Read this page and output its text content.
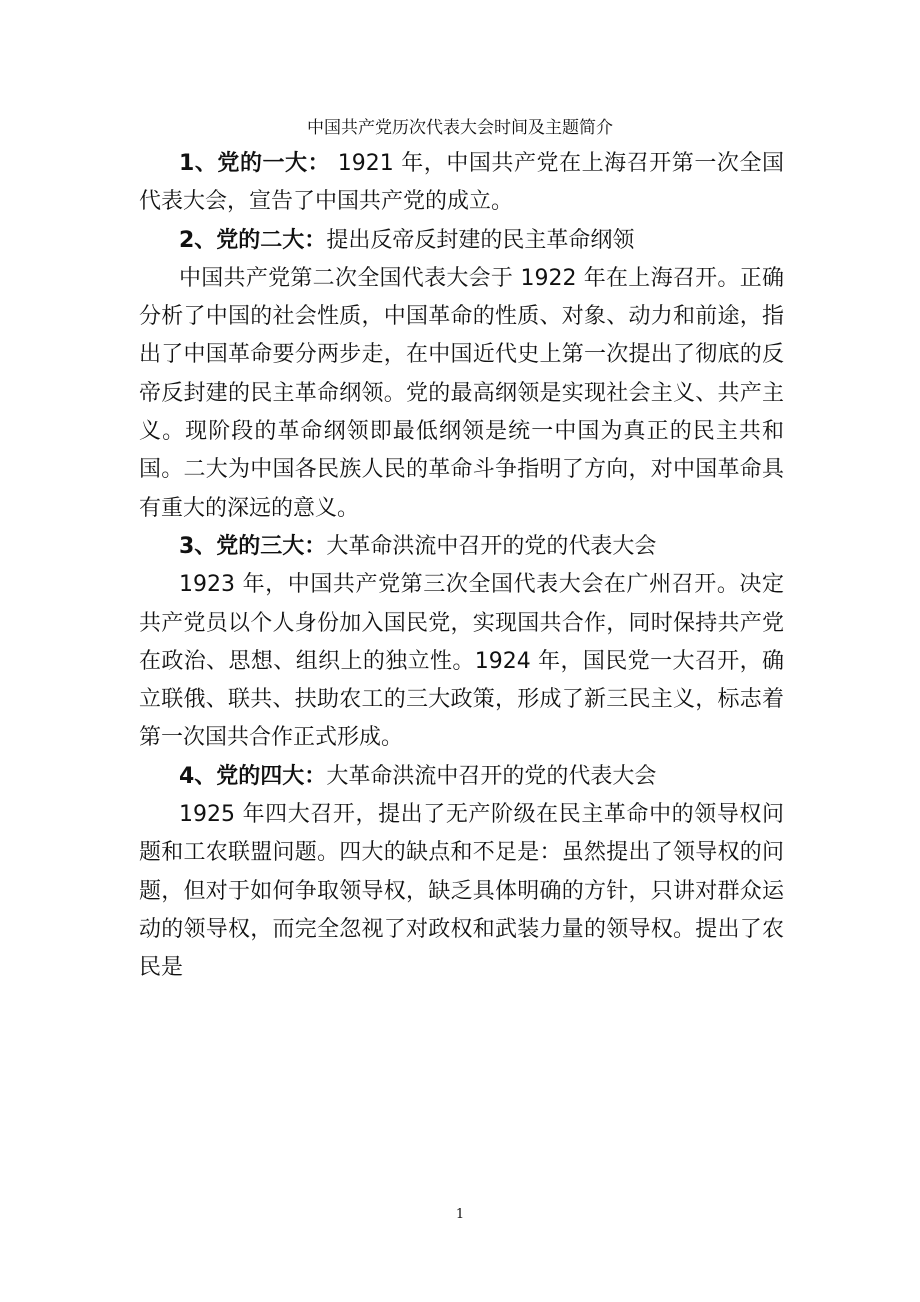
中国共产党历次代表大会时间及主题简介

1、党的一大： 1921 年，中国共产党在上海召开第一次全国代表大会，宣告了中国共产党的成立。

2、党的二大：提出反帝反封建的民主革命纲领

中国共产党第二次全国代表大会于 1922 年在上海召开。正确分析了中国的社会性质，中国革命的性质、对象、动力和前途，指出了中国革命要分两步走，在中国近代史上第一次提出了彻底的反帝反封建的民主革命纲领。党的最高纲领是实现社会主义、共产主义。现阶段的革命纲领即最低纲领是统一中国为真正的民主共和国。二大为中国各民族人民的革命斗争指明了方向，对中国革命具有重大的深远的意义。

3、党的三大：大革命洪流中召开的党的代表大会

1923 年，中国共产党第三次全国代表大会在广州召开。决定共产党员以个人身份加入国民党，实现国共合作，同时保持共产党在政治、思想、组织上的独立性。1924 年，国民党一大召开，确立联俄、联共、扶助农工的三大政策，形成了新三民主义，标志着第一次国共合作正式形成。

4、党的四大：大革命洪流中召开的党的代表大会

1925 年四大召开，提出了无产阶级在民主革命中的领导权问题和工农联盟问题。四大的缺点和不足是：虽然提出了领导权的问题，但对于如何争取领导权，缺乏具体明确的方针，只讲对群众运动的领导权，而完全忽视了对政权和武装力量的领导权。提出了农民是

1
